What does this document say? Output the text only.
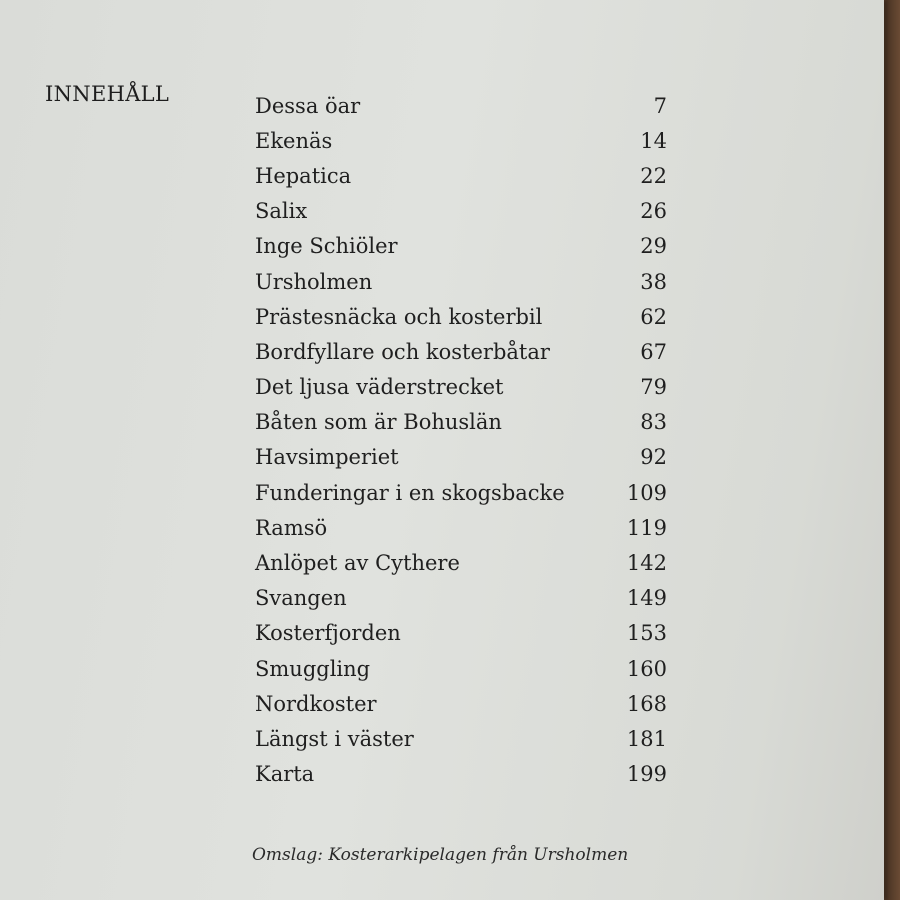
INNEHÅLL	Dessa öar	7
Ekenäs	14
Hepatica	22
Salix	26
Inge Schiöler	29
Ursholmen	38
Prästesnäcka och kosterbil	62
Bordfyllare och kosterbåtar	67
Det ljusa väderstrecket	79
Båten som är Bohuslän	83
Havsimperiet	92
Funderingar i en skogsbacke	109
Ramsö	119
Anlöpet av Cythere	142
Svangen	149
Kosterfjorden	153
Smuggling	160
Nordkoster	168
Längst i väster	181
Karta	199

Omslag: Kosterarkipelagen från Ursholmen
